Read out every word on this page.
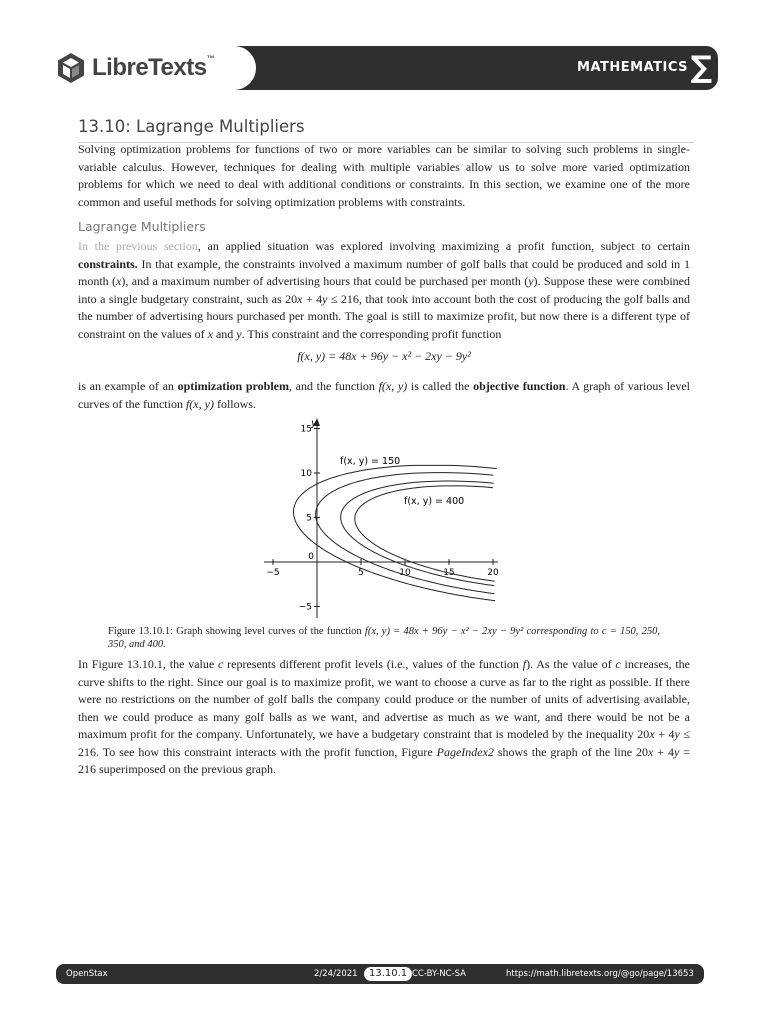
MATHEMATICS ∑
LibreTexts™
13.10: Lagrange Multipliers

Solving optimization problems for functions of two or more variables can be similar to solving such problems in single-variable calculus. However, techniques for dealing with multiple variables allow us to solve more varied optimization problems for which we need to deal with additional conditions or constraints. In this section, we examine one of the more common and useful methods for solving optimization problems with constraints.

Lagrange Multipliers

In the previous section, an applied situation was explored involving maximizing a profit function, subject to certain constraints. In that example, the constraints involved a maximum number of golf balls that could be produced and sold in 1 month (x), and a maximum number of advertising hours that could be purchased per month (y). Suppose these were combined into a single budgetary constraint, such as 20x + 4y ≤ 216, that took into account both the cost of producing the golf balls and the number of advertising hours purchased per month. The goal is still to maximize profit, but now there is a different type of constraint on the values of x and y. This constraint and the corresponding profit function

f(x, y) = 48x + 96y − x² − 2xy − 9y²

is an example of an optimization problem, and the function f(x, y) is called the objective function. A graph of various level curves of the function f(x, y) follows.

y
−5
0
5	10	15	20
15
10
5
−5
f(x, y) = 150
f(x, y) = 400
Figure 13.10.1: Graph showing level curves of the function f(x, y) = 48x + 96y − x² − 2xy − 9y² corresponding to c = 150, 250, 350, and 400.

In Figure 13.10.1, the value c represents different profit levels (i.e., values of the function f). As the value of c increases, the curve shifts to the right. Since our goal is to maximize profit, we want to choose a curve as far to the right as possible. If there were no restrictions on the number of golf balls the company could produce or the number of units of advertising available, then we could produce as many golf balls as we want, and advertise as much as we want, and there would be not be a maximum profit for the company. Unfortunately, we have a budgetary constraint that is modeled by the inequality 20x + 4y ≤ 216. To see how this constraint interacts with the profit function, Figure PageIndex2 shows the graph of the line 20x + 4y = 216 superimposed on the previous graph.

OpenStax	2/24/2021	13.10.1 CC-BY-NC-SA	https://math.libretexts.org/@go/page/13653
